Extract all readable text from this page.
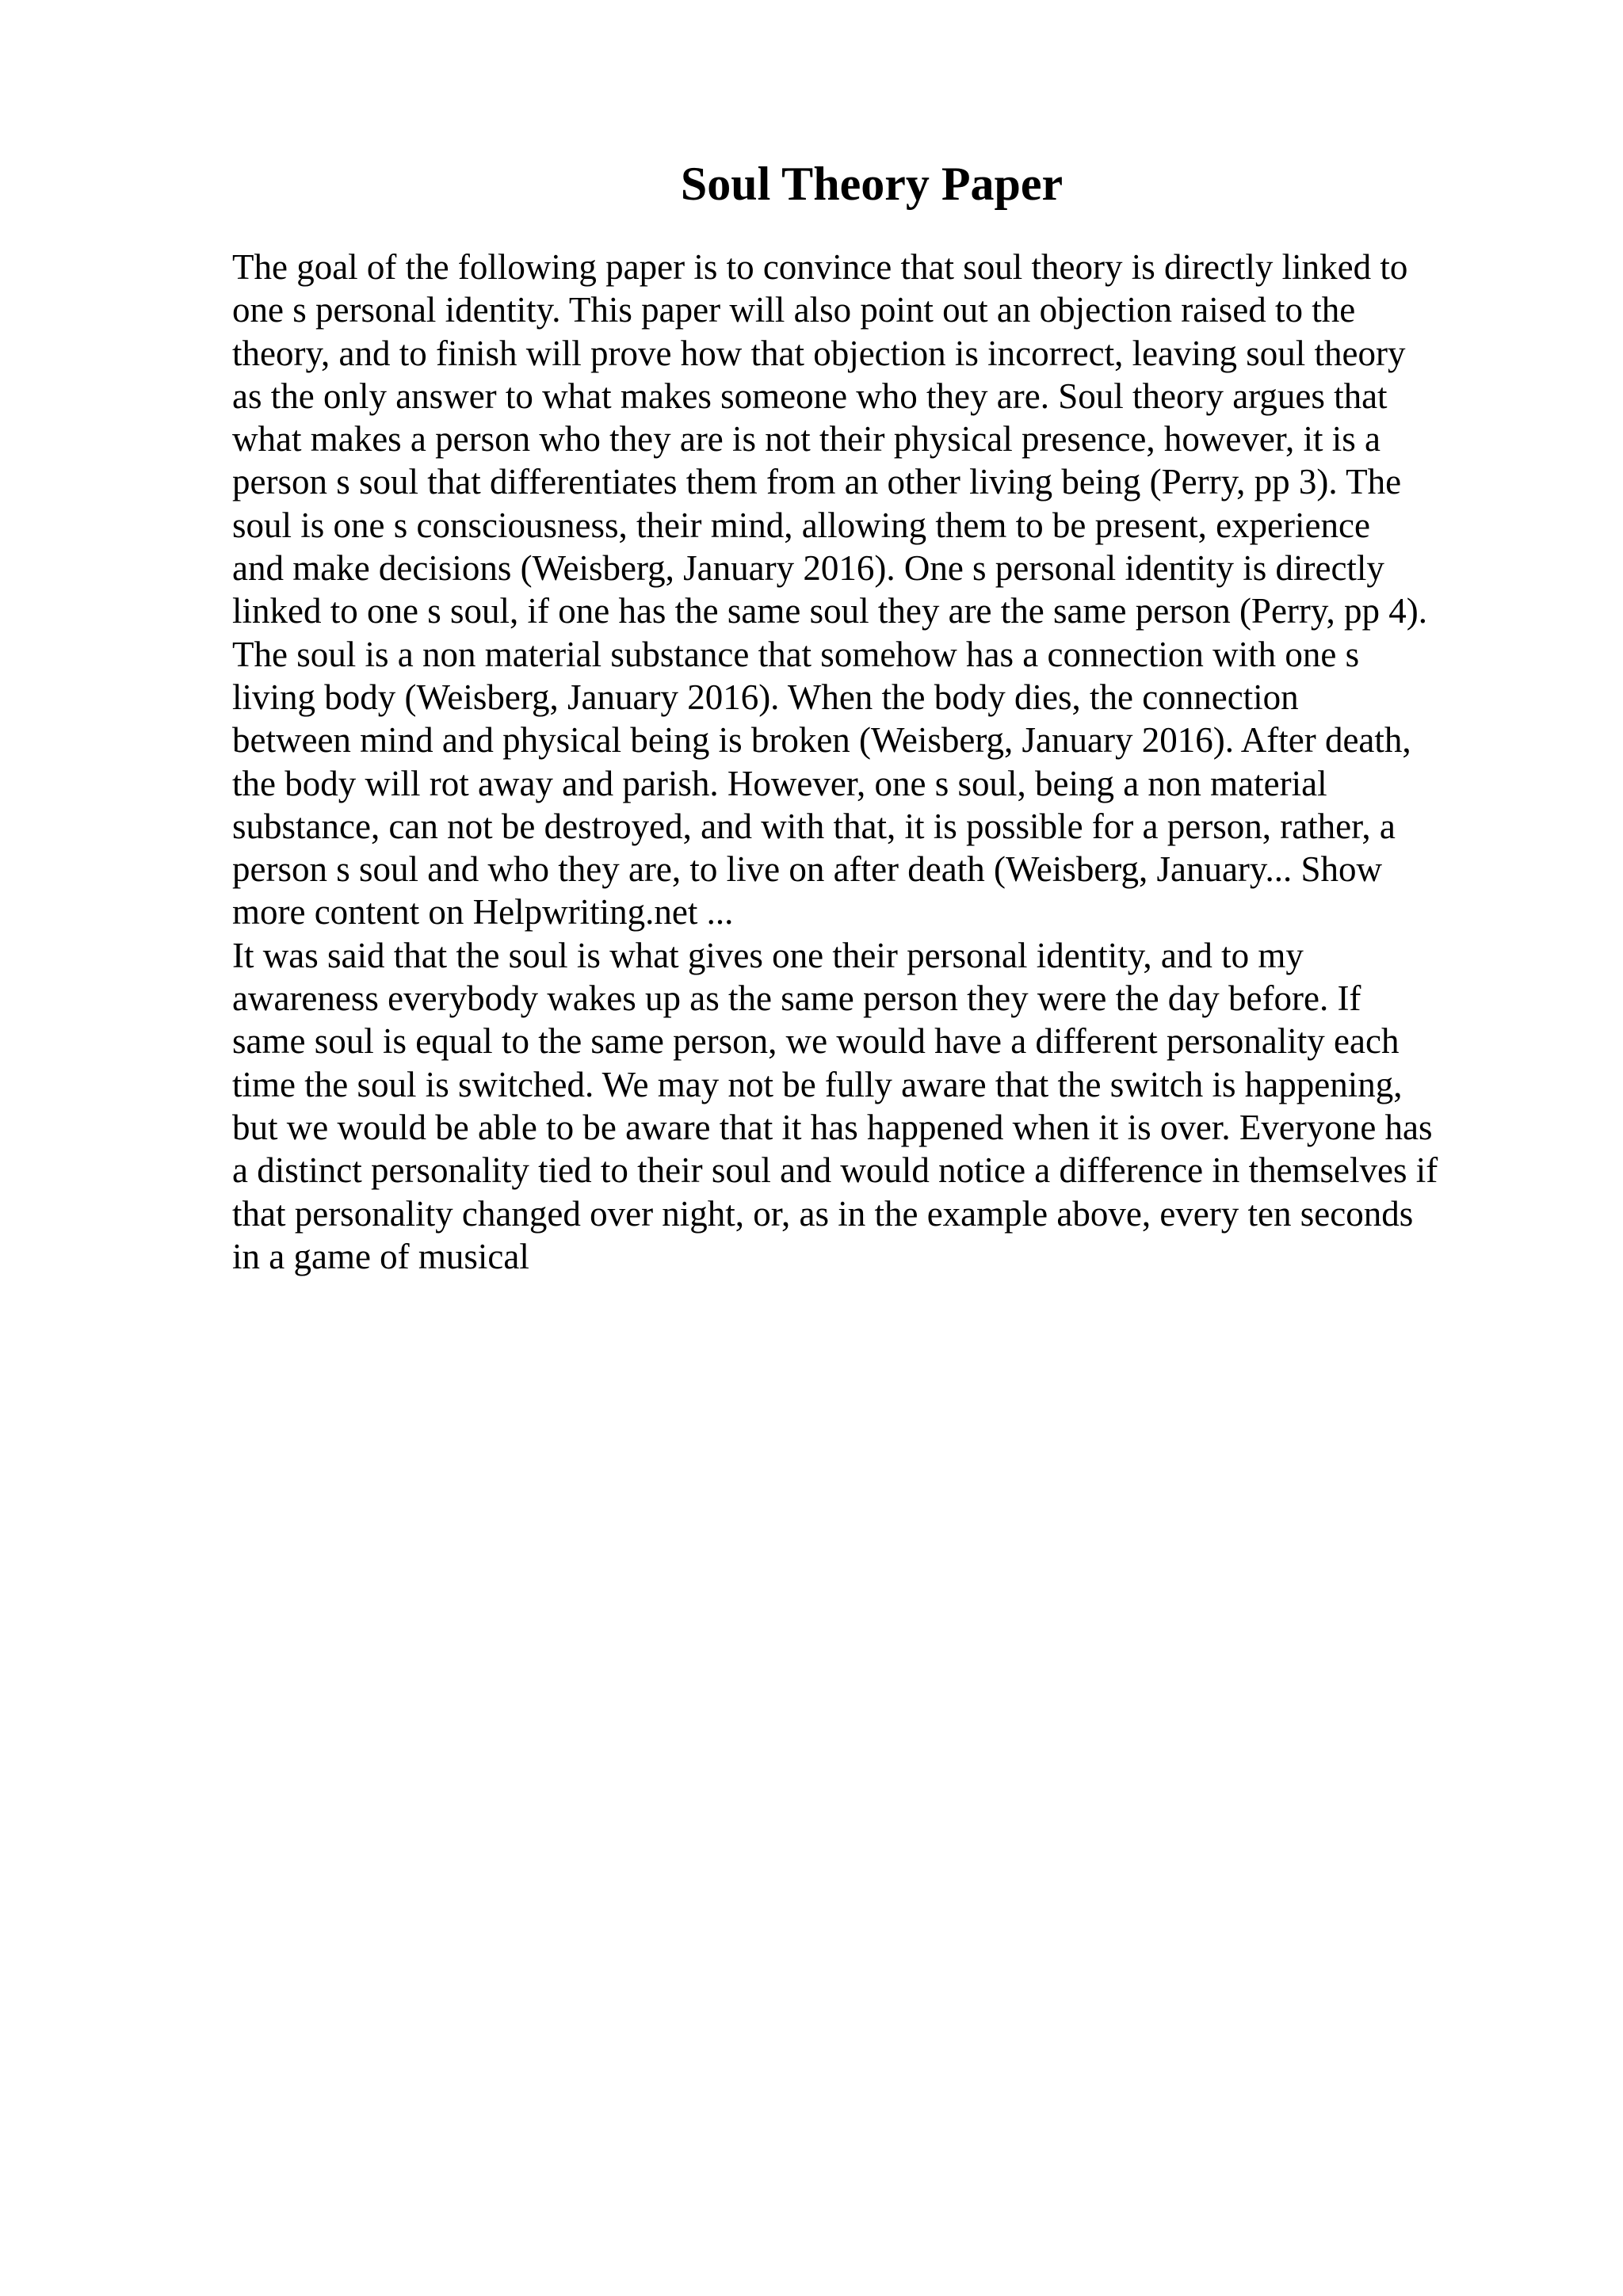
Soul Theory Paper
The goal of the following paper is to convince that soul theory is directly linked to
one s personal identity. This paper will also point out an objection raised to the
theory, and to finish will prove how that objection is incorrect, leaving soul theory
as the only answer to what makes someone who they are. Soul theory argues that
what makes a person who they are is not their physical presence, however, it is a
person s soul that differentiates them from an other living being (Perry, pp 3). The
soul is one s consciousness, their mind, allowing them to be present, experience
and make decisions (Weisberg, January 2016). One s personal identity is directly
linked to one s soul, if one has the same soul they are the same person (Perry, pp 4).
The soul is a non material substance that somehow has a connection with one s
living body (Weisberg, January 2016). When the body dies, the connection
between mind and physical being is broken (Weisberg, January 2016). After death,
the body will rot away and parish. However, one s soul, being a non material
substance, can not be destroyed, and with that, it is possible for a person, rather, a
person s soul and who they are, to live on after death (Weisberg, January... Show
more content on Helpwriting.net ...
It was said that the soul is what gives one their personal identity, and to my
awareness everybody wakes up as the same person they were the day before. If
same soul is equal to the same person, we would have a different personality each
time the soul is switched. We may not be fully aware that the switch is happening,
but we would be able to be aware that it has happened when it is over. Everyone has
a distinct personality tied to their soul and would notice a difference in themselves if
that personality changed over night, or, as in the example above, every ten seconds
in a game of musical
